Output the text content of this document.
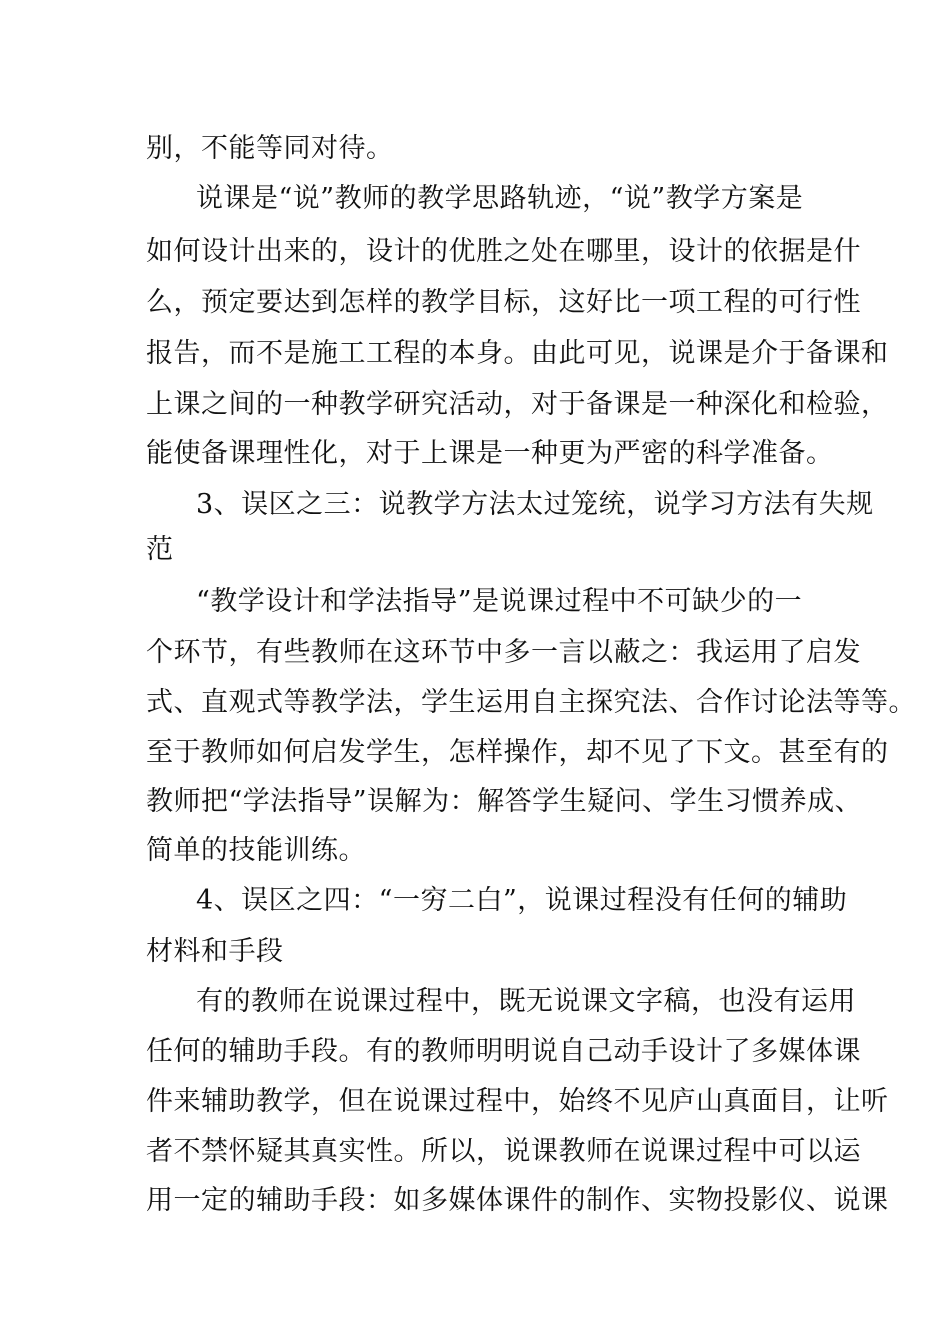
别，不能等同对待。
说课是“说”教师的教学思路轨迹，“说”教学方案是
如何设计出来的，设计的优胜之处在哪里，设计的依据是什
么，预定要达到怎样的教学目标，这好比一项工程的可行性
报告，而不是施工工程的本身。由此可见，说课是介于备课和
上课之间的一种教学研究活动，对于备课是一种深化和检验，
能使备课理性化，对于上课是一种更为严密的科学准备。
3、误区之三：说教学方法太过笼统，说学习方法有失规
范
“教学设计和学法指导”是说课过程中不可缺少的一
个环节，有些教师在这环节中多一言以蔽之：我运用了启发
式、直观式等教学法，学生运用自主探究法、合作讨论法等等。
至于教师如何启发学生，怎样操作，却不见了下文。甚至有的
教师把“学法指导”误解为：解答学生疑问、学生习惯养成、
简单的技能训练。
4、误区之四：“一穷二白”，说课过程没有任何的辅助
材料和手段
有的教师在说课过程中，既无说课文字稿，也没有运用
任何的辅助手段。有的教师明明说自己动手设计了多媒体课
件来辅助教学，但在说课过程中，始终不见庐山真面目，让听
者不禁怀疑其真实性。所以，说课教师在说课过程中可以运
用一定的辅助手段：如多媒体课件的制作、实物投影仪、说课
